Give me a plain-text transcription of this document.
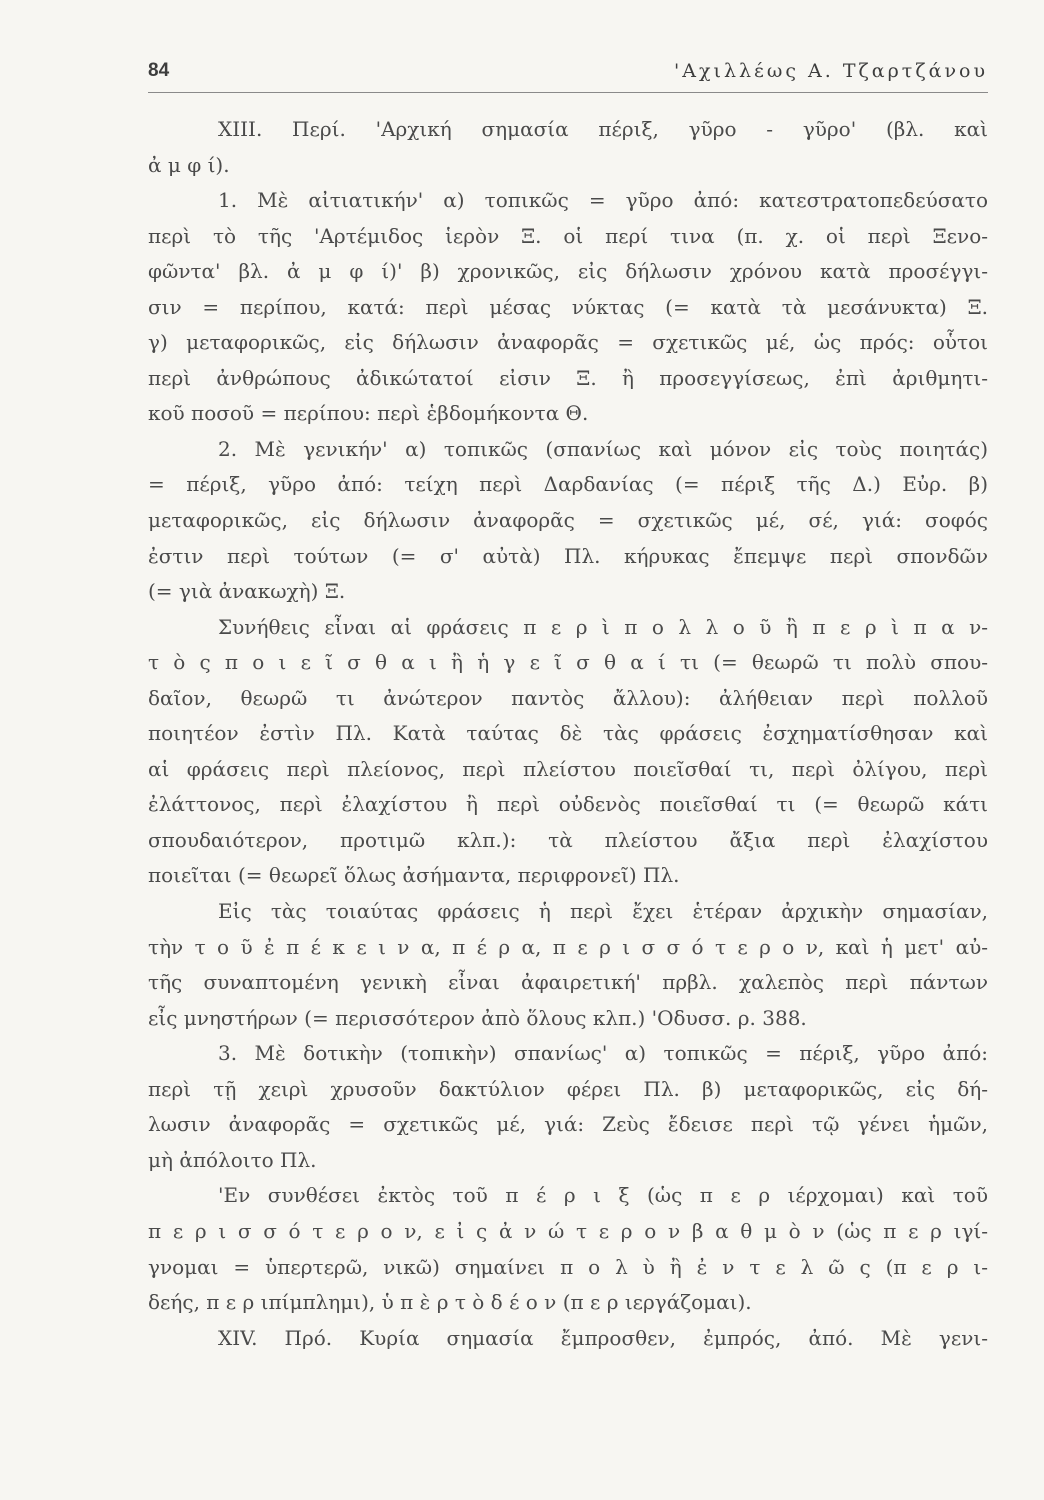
84	'Αχιλλέως Α. Τζαρτζάνου
ΧΙΙΙ. Περί. 'Αρχική σημασία πέριξ, γῦρο - γῦρο' (βλ. καὶ
ἀ μ φ ί).
1. Μὲ αἰτιατικήν' α) τοπικῶς = γῦρο ἀπό: κατεστρατοπεδεύσατο
περὶ τὸ τῆς 'Αρτέμιδος ἱερὸν Ξ. οἱ περί τινα (π. χ. οἱ περὶ Ξενο-
φῶντα' βλ. ἀ μ φ ί)' β) χρονικῶς, εἰς δήλωσιν χρόνου κατὰ προσέγγι-
σιν = περίπου, κατά: περὶ μέσας νύκτας (= κατὰ τὰ μεσάνυκτα) Ξ.
γ) μεταφορικῶς, εἰς δήλωσιν ἀναφορᾶς = σχετικῶς μέ, ὡς πρός: οὗτοι
περὶ ἀνθρώπους ἀδικώτατοί εἰσιν Ξ. ἢ προσεγγίσεως, ἐπὶ ἀριθμητι-
κοῦ ποσοῦ = περίπου: περὶ ἑβδομήκοντα Θ.
2. Μὲ γενικήν' α) τοπικῶς (σπανίως καὶ μόνον εἰς τοὺς ποιητάς)
= πέριξ, γῦρο ἀπό: τείχη περὶ Δαρδανίας (= πέριξ τῆς Δ.) Εὐρ. β)
μεταφορικῶς, εἰς δήλωσιν ἀναφορᾶς = σχετικῶς μέ, σέ, γιά: σοφός
ἐστιν περὶ τούτων (= σ' αὐτὰ) Πλ. κήρυκας ἔπεμψε περὶ σπονδῶν
(= γιὰ ἀνακωχὴ) Ξ.
Συνήθεις εἶναι αἱ φράσεις π ε ρ ὶ π ο λ λ ο ῦ ἢ π ε ρ ὶ π α ν-
τ ὸ ς π ο ι ε ῖ σ θ α ι ἢ ἡ γ ε ῖ σ θ α ί τι (= θεωρῶ τι πολὺ σπου-
δαῖον, θεωρῶ τι ἀνώτερον παντὸς ἄλλου): ἀλήθειαν περὶ πολλοῦ
ποιητέον ἐστὶν Πλ. Κατὰ ταύτας δὲ τὰς φράσεις ἐσχηματίσθησαν καὶ
αἱ φράσεις περὶ πλείονος, περὶ πλείστου ποιεῖσθαί τι, περὶ ὀλίγου, περὶ
ἐλάττονος, περὶ ἐλαχίστου ἢ περὶ οὐδενὸς ποιεῖσθαί τι (= θεωρῶ κάτι
σπουδαιότερον, προτιμῶ κλπ.): τὰ πλείστου ἄξια περὶ ἐλαχίστου
ποιεῖται (= θεωρεῖ ὅλως ἀσήμαντα, περιφρονεῖ) Πλ.
Εἰς τὰς τοιαύτας φράσεις ἡ περὶ ἔχει ἑτέραν ἀρχικὴν σημασίαν,
τὴν τ ο ῦ ἐ π έ κ ε ι ν α, π έ ρ α, π ε ρ ι σ σ ό τ ε ρ ο ν, καὶ ἡ μετ' αὐ-
τῆς συναπτομένη γενικὴ εἶναι ἀφαιρετική' πρβλ. χαλεπὸς περὶ πάντων
εἶς μνηστήρων (= περισσότερον ἀπὸ ὅλους κλπ.) 'Οδυσσ. ρ. 388.
3. Μὲ δοτικὴν (τοπικὴν) σπανίως' α) τοπικῶς = πέριξ, γῦρο ἀπό:
περὶ τῇ χειρὶ χρυσοῦν δακτύλιον φέρει Πλ. β) μεταφορικῶς, εἰς δή-
λωσιν ἀναφορᾶς = σχετικῶς μέ, γιά: Ζεὺς ἔδεισε περὶ τῷ γένει ἡμῶν,
μὴ ἀπόλοιτο Πλ.
'Εν συνθέσει ἐκτὸς τοῦ π έ ρ ι ξ (ὡς π ε ρ ιέρχομαι) καὶ τοῦ
π ε ρ ι σ σ ό τ ε ρ ο ν, ε ἰ ς ἀ ν ώ τ ε ρ ο ν β α θ μ ὸ ν (ὡς π ε ρ ιγί-
γνομαι = ὑπερτερῶ, νικῶ) σημαίνει π ο λ ὺ ἢ ἐ ν τ ε λ ῶ ς (π ε ρ ι-
δεής, π ε ρ ιπίμπλημι), ὑ π ὲ ρ τ ὸ δ έ ο ν (π ε ρ ιεργάζομαι).
ΧΙV. Πρό. Κυρία σημασία ἔμπροσθεν, ἐμπρός, ἀπό. Μὲ γενι-
